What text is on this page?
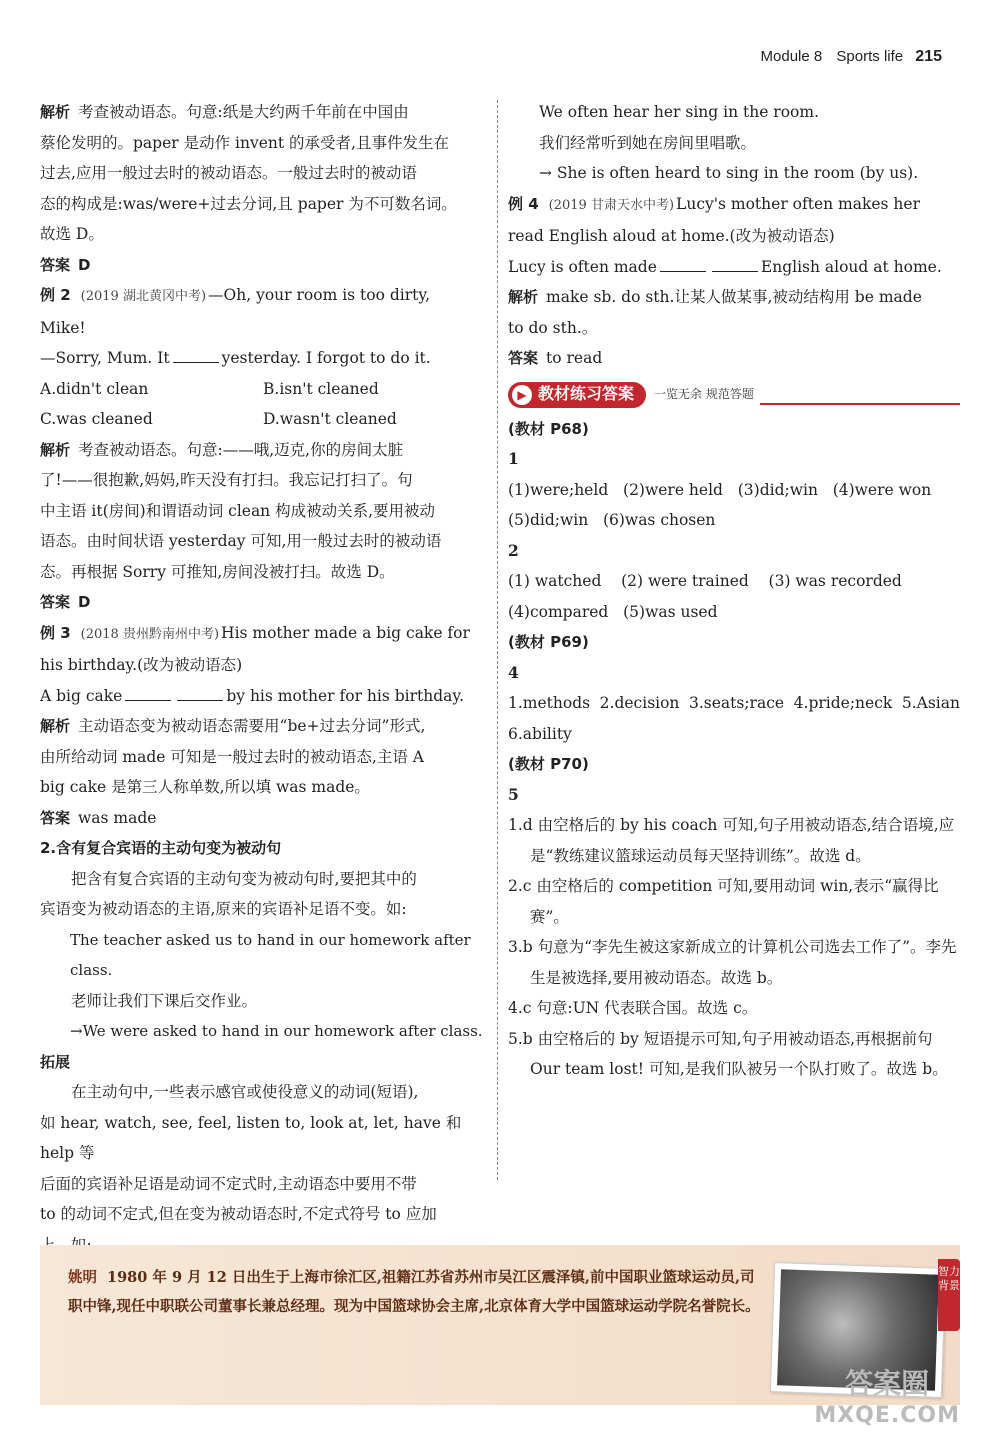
Module 8 Sports life 215
解析 考查被动语态。句意:纸是大约两千年前在中国由
蔡伦发明的。paper 是动作 invent 的承受者,且事件发生在
过去,应用一般过去时的被动语态。一般过去时的被动语
态的构成是:was/were+过去分词,且 paper 为不可数名词。
故选 D。
答案 D
例 2 (2019 湖北黄冈中考) —Oh, your room is too dirty,
Mike!
—Sorry, Mum. It	yesterday. I forgot to do it.
A.didn't clean	B.isn't cleaned
C.was cleaned	D.wasn't cleaned
解析 考查被动语态。句意:——哦,迈克,你的房间太脏
了!——很抱歉,妈妈,昨天没有打扫。我忘记打扫了。句
中主语 it(房间)和谓语动词 clean 构成被动关系,要用被动
语态。由时间状语 yesterday 可知,用一般过去时的被动语
态。再根据 Sorry 可推知,房间没被打扫。故选 D。
答案 D
例 3 (2018 贵州黔南州中考) His mother made a big cake for
his birthday.(改为被动语态)
A big cake	by his mother for his birthday.
解析 主动语态变为被动语态需要用“be+过去分词”形式,
由所给动词 made 可知是一般过去时的被动语态,主语 A
big cake 是第三人称单数,所以填 was made。
答案 was made
2.含有复合宾语的主动句变为被动句
把含有复合宾语的主动句变为被动句时,要把其中的
宾语变为被动语态的主语,原来的宾语补足语不变。如:
The teacher asked us to hand in our homework after class.
老师让我们下课后交作业。
→We were asked to hand in our homework after class.
拓展
在主动句中,一些表示感官或使役意义的动词(短语),
如 hear, watch, see, feel, listen to, look at, let, have 和 help 等
后面的宾语补足语是动词不定式时,主动语态中要用不带
to 的动词不定式,但在变为被动语态时,不定式符号 to 应加
We often hear her sing in the room.
我们经常听到她在房间里唱歌。
→ She is often heard to sing in the room (by us).
例 4 (2019 甘肃天水中考) Lucy's mother often makes her
read English aloud at home.(改为被动语态)
Lucy is often made	English aloud at home.
解析 make sb. do sth.让某人做某事,被动结构用 be made
to do sth.。
答案 to read
▶ 教材练习答案 一览无余 规范答题
(教材 P68)
1
(1)were;held   (2)were held   (3)did;win   (4)were won
(5)did;win   (6)was chosen
2
(1) watched    (2) were trained    (3) was recorded
(4)compared   (5)was used
(教材 P69)
4
1.methods 2.decision 3.seats;race 4.pride;neck 5.Asian
6.ability
(教材 P70)
5
1.d 由空格后的 by his coach 可知,句子用被动语态,结合语境,应是“教练建议篮球运动员每天坚持训练”。故选 d。
2.c 由空格后的 competition 可知,要用动词 win,表示“赢得比赛”。
3.b 句意为“李先生被这家新成立的计算机公司选去工作了”。李先生是被选择,要用被动语态。故选 b。
4.c 句意:UN 代表联合国。故选 c。
5.b 由空格后的 by 短语提示可知,句子用被动语态,再根据前句 Our team lost! 可知,是我们队被另一个队打败了。故选 b。
姚明 1980 年 9 月 12 日出生于上海市徐汇区,祖籍江苏省苏州市吴江区震泽镇,前中国职业篮球运动员,司职中锋,现任中职联公司董事长兼总经理。现为中国篮球协会主席,北京体育大学中国篮球运动学院名誉院长。
智力背景
答案圈
MXQE.COM
